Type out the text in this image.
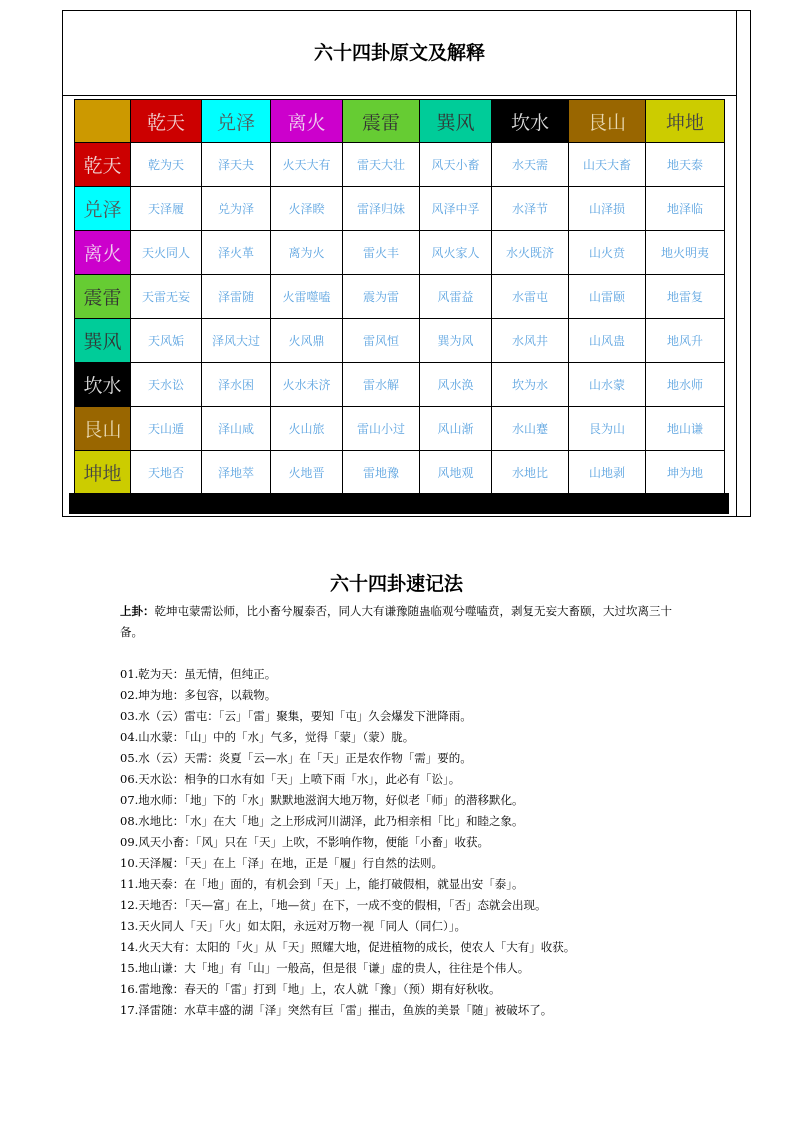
六十四卦原文及解释
	乾天	兑泽	离火	震雷	巽风	坎水	艮山	坤地
乾天	乾为天	泽天夬	火天大有	雷天大壮	风天小畜	水天需	山天大畜	地天泰
兑泽	天泽履	兑为泽	火泽睽	雷泽归妹	风泽中孚	水泽节	山泽损	地泽临
离火	天火同人	泽火革	离为火	雷火丰	风火家人	水火既济	山火贲	地火明夷
震雷	天雷无妄	泽雷随	火雷噬嗑	震为雷	风雷益	水雷屯	山雷颐	地雷复
巽风	天风姤	泽风大过	火风鼎	雷风恒	巽为风	水风井	山风蛊	地风升
坎水	天水讼	泽水困	火水未济	雷水解	风水涣	坎为水	山水蒙	地水师
艮山	天山遁	泽山咸	火山旅	雷山小过	风山渐	水山蹇	艮为山	地山谦
坤地	天地否	泽地萃	火地晋	雷地豫	风地观	水地比	山地剥	坤为地
六十四卦速记法

上卦：乾坤屯蒙需讼师，比小畜兮履泰否，同人大有谦豫随蛊临观兮噬嗑贲，剥复无妄大畜颐，大过坎离三十备。

01.乾为天：虽无情，但纯正。

02.坤为地：多包容，以载物。

03.水（云）雷屯：「云」「雷」聚集，要知「屯」久会爆发下泄降雨。

04.山水蒙：「山」中的「水」气多，觉得「蒙」（蒙）胧。

05.水（云）天需：炎夏「云—水」在「天」正是农作物「需」要的。

06.天水讼：相争的口水有如「天」上喷下雨「水」，此必有「讼」。

07.地水师：「地」下的「水」默默地滋润大地万物，好似老「师」的潜移默化。

08.水地比：「水」在大「地」之上形成河川湖泽，此乃相亲相「比」和睦之象。

09.风天小畜：「风」只在「天」上吹，不影响作物，便能「小畜」收获。

10.天泽履：「天」在上「泽」在地，正是「履」行自然的法则。

11.地天泰：在「地」面的，有机会到「天」上，能打破假相，就显出安「泰」。

12.天地否：「天—富」在上，「地—贫」在下，一成不变的假相，「否」态就会出现。

13.天火同人「天」「火」如太阳，永远对万物一视「同人（同仁）」。

14.火天大有：太阳的「火」从「天」照耀大地，促进植物的成长，使农人「大有」收获。

15.地山谦：大「地」有「山」一般高，但是很「谦」虚的贵人，往往是个伟人。

16.雷地豫：春天的「雷」打到「地」上，农人就「豫」（预）期有好秋收。

17.泽雷随：水草丰盛的湖「泽」突然有巨「雷」摧击，鱼族的美景「随」被破坏了。
